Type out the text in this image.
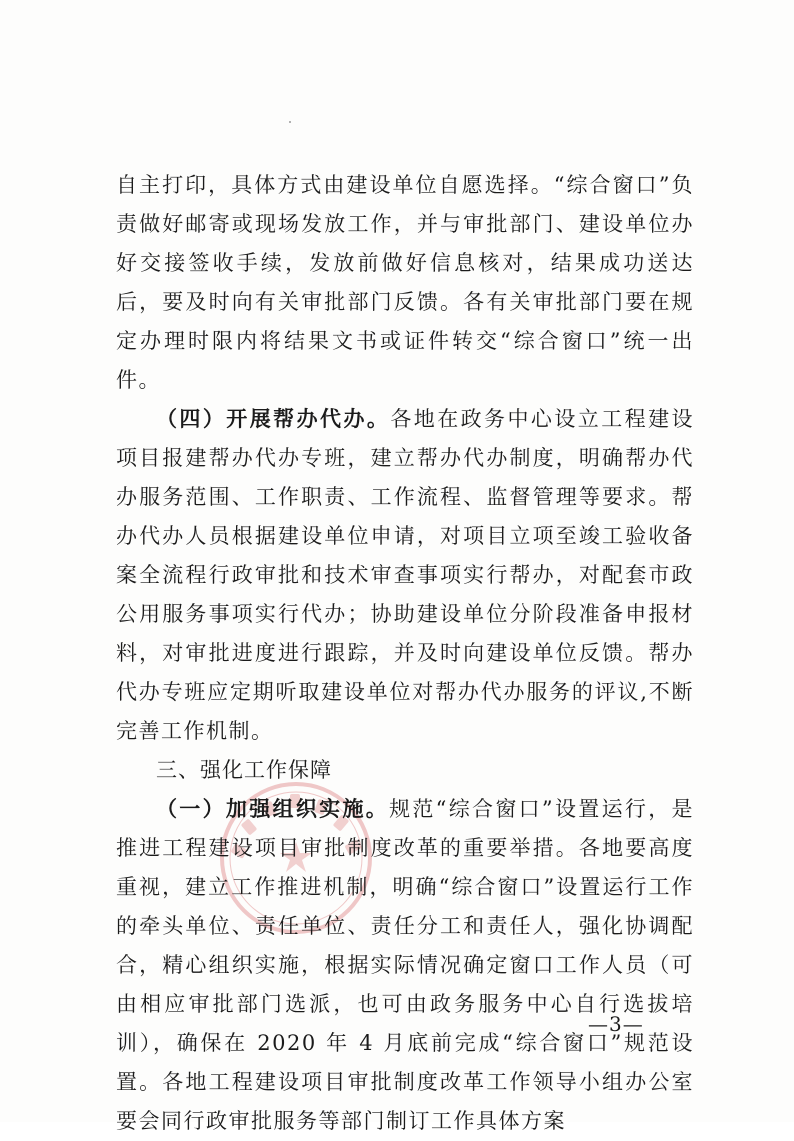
自主打印，具体方式由建设单位自愿选择。“综合窗口”负责做好邮寄或现场发放工作，并与审批部门、建设单位办好交接签收手续，发放前做好信息核对，结果成功送达后，要及时向有关审批部门反馈。各有关审批部门要在规定办理时限内将结果文书或证件转交“综合窗口”统一出件。

（四）开展帮办代办。各地在政务中心设立工程建设项目报建帮办代办专班，建立帮办代办制度，明确帮办代办服务范围、工作职责、工作流程、监督管理等要求。帮办代办人员根据建设单位申请，对项目立项至竣工验收备案全流程行政审批和技术审查事项实行帮办，对配套市政公用服务事项实行代办；协助建设单位分阶段准备申报材料，对审批进度进行跟踪，并及时向建设单位反馈。帮办代办专班应定期听取建设单位对帮办代办服务的评议,不断完善工作机制。

三、强化工作保障

（一）加强组织实施。规范“综合窗口”设置运行，是推进工程建设项目审批制度改革的重要举措。各地要高度重视，建立工作推进机制，明确“综合窗口”设置运行工作的牵头单位、责任单位、责任分工和责任人，强化协调配合，精心组织实施，根据实际情况确定窗口工作人员（可由相应审批部门选派，也可由政务服务中心自行选拔培训），确保在 2020 年 4 月底前完成“综合窗口”规范设置。各地工程建设项目审批制度改革工作领导小组办公室要会同行政审批服务等部门制订工作具体方案

—3—
